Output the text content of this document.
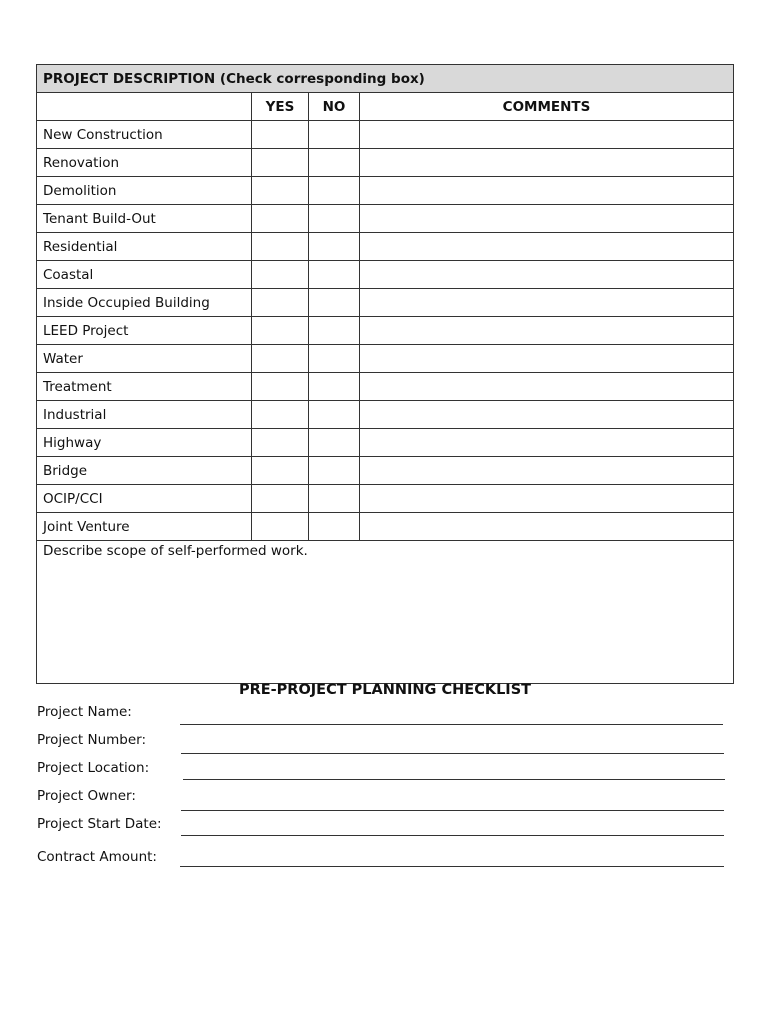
PROJECT DESCRIPTION (Check corresponding box)			
	YES	NO	COMMENTS
New Construction			
Renovation			
Demolition			
Tenant Build-Out			
Residential			
Coastal			
Inside Occupied Building			
LEED Project			
Water			
Treatment			
Industrial			
Highway			
Bridge			
OCIP/CCI			
Joint Venture			
Describe scope of self-performed work.			
PRE-PROJECT PLANNING CHECKLIST
Project Name:
Project Number:
Project Location:
Project Owner:
Project Start Date:
Contract Amount:
